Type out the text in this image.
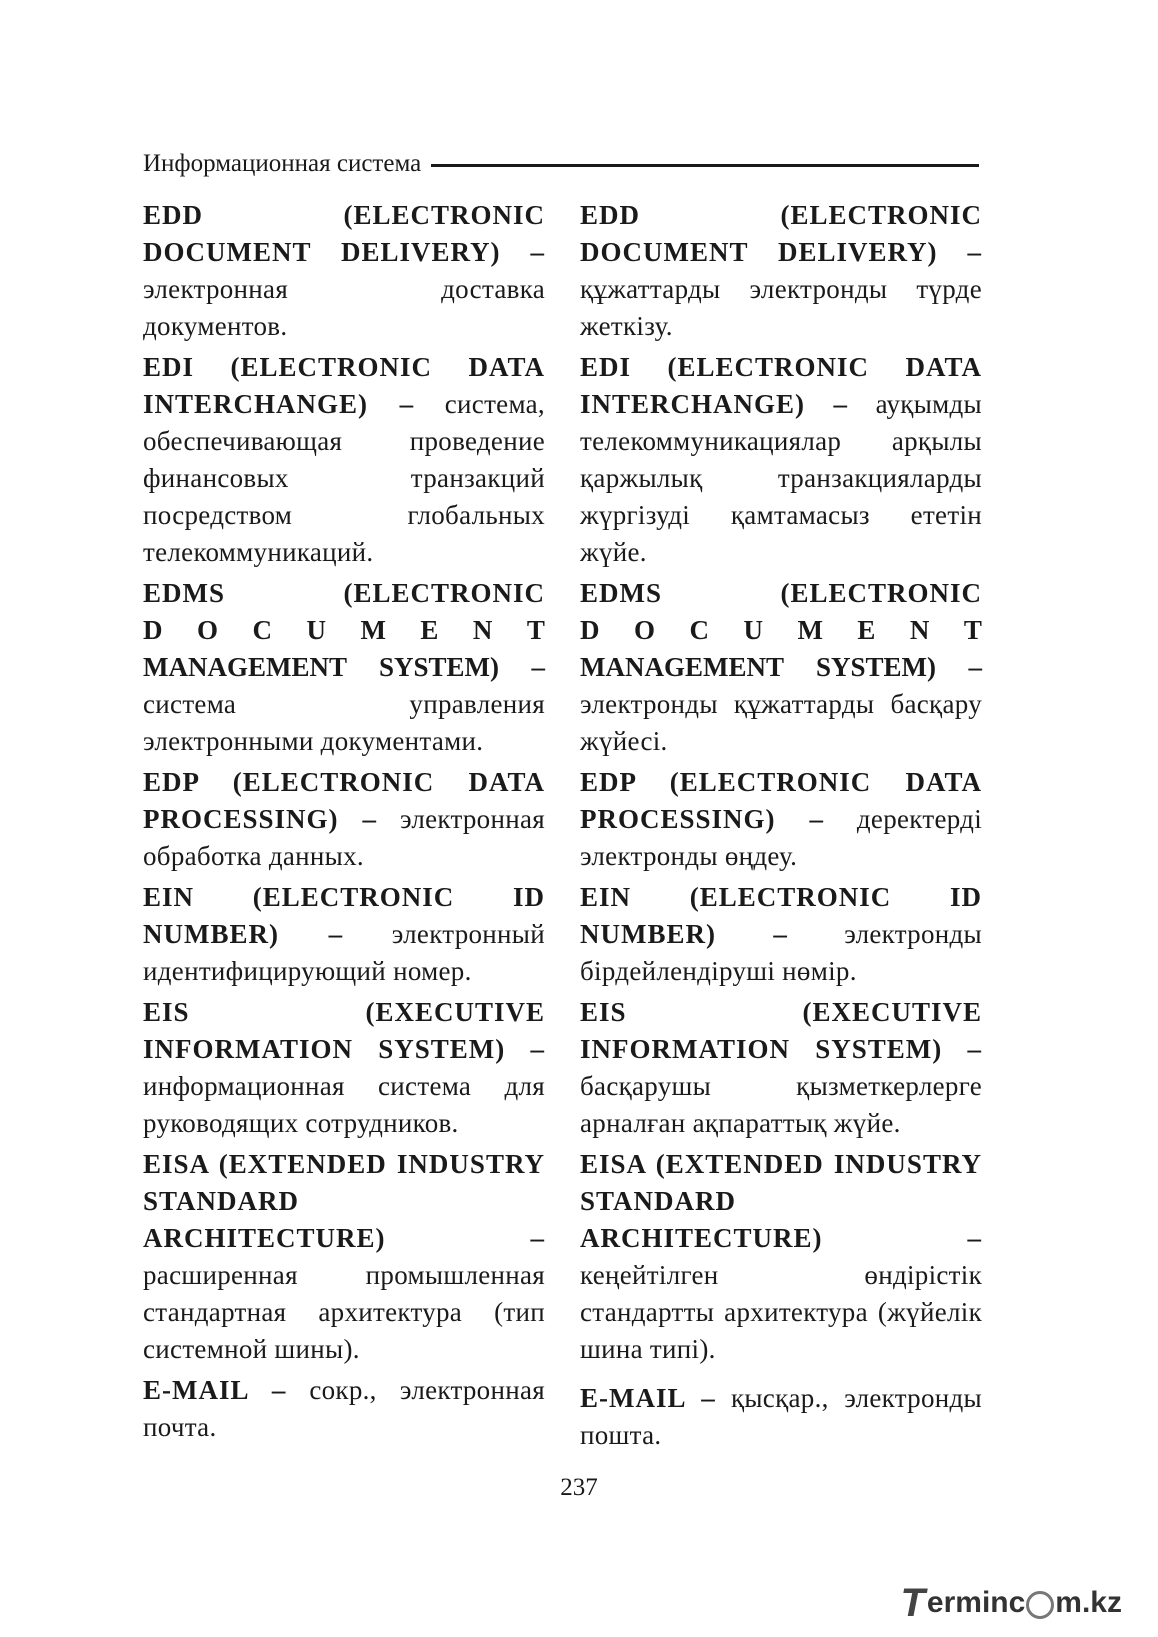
Информационная система

EDD (ELECTRONIC DOCUMENT DELIVERY) – электронная доставка документов.

EDI (ELECTRONIC DATA INTERCHANGE) – система, обеспечивающая проведение финансовых транзакций посредством глобальных телекоммуникаций.

EDMS (ELECTRONIC
D O C U M E N T
MANAGEMENT SYSTEM) – система управления электронными документами.

EDP (ELECTRONIC DATA PROCESSING) – электронная обработка данных.

EIN (ELECTRONIC ID NUMBER) – электронный идентифицирующий номер.

EIS (EXECUTIVE INFORMATION SYSTEM) – информационная система для руководящих сотрудников.

EISA (EXTENDED INDUSTRY STANDARD ARCHITECTURE) – расширенная промышленная стандартная архитектура (тип системной шины).

E-MAIL – сокр., электронная почта.

EDD (ELECTRONIC DOCUMENT DELIVERY) – құжаттарды электронды түрде жеткізу.

EDI (ELECTRONIC DATA INTERCHANGE) – ауқымды телекоммуникациялар арқылы қаржылық транзакцияларды жүргізуді қамтамасыз ететін жүйе.

EDMS (ELECTRONIC
D O C U M E N T
MANAGEMENT SYSTEM) – электронды құжаттарды басқару жүйесі.

EDP (ELECTRONIC DATA PROCESSING) – деректерді электронды өңдеу.

EIN (ELECTRONIC ID NUMBER) – электронды бірдейлендіруші нөмір.

EIS (EXECUTIVE INFORMATION SYSTEM) – басқарушы қызметкерлерге арналған ақпараттық жүйе.

EISA (EXTENDED INDUSTRY STANDARD ARCHITECTURE) – кеңейтілген өндірістік стандартты архитектура (жүйелік шина типі).

E-MAIL – қысқар., электронды пошта.

237
T erminc m.kz
